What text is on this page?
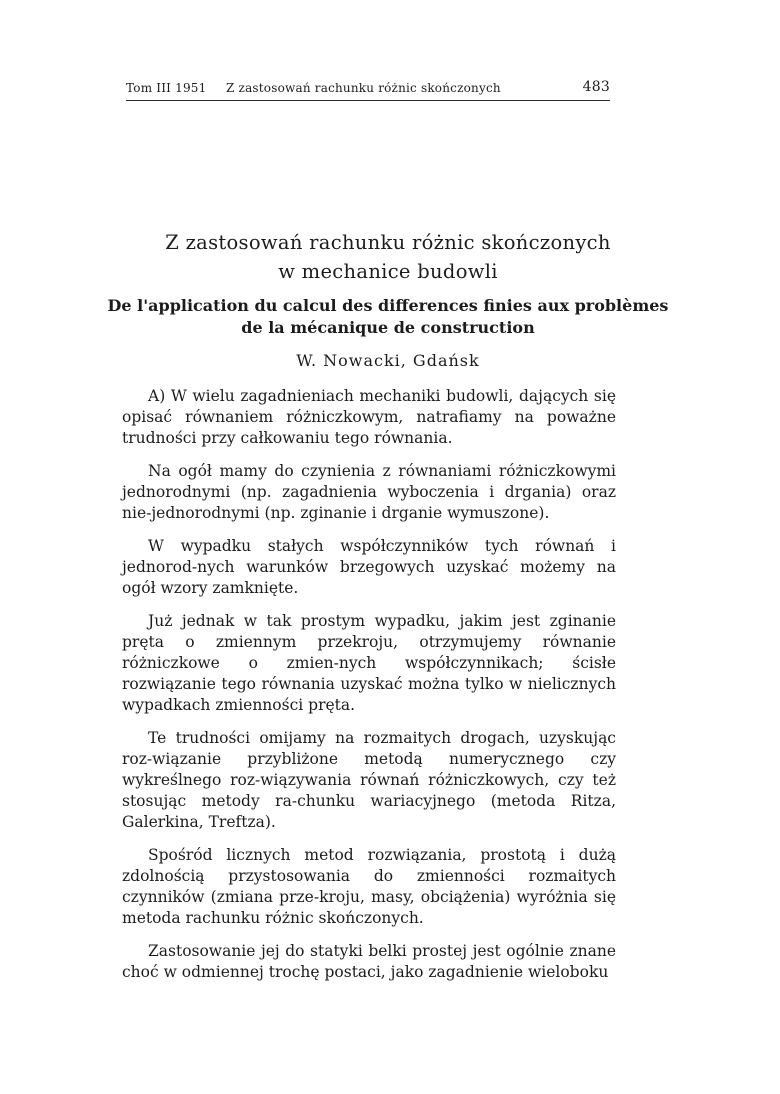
Tom III 1951 Z zastosowań rachunku różnic skończonych	483
Z zastosowań rachunku różnic skończonych
w mechanice budowli
De l'application du calcul des differences finies aux problèmes
de la mécanique de construction
W. Nowacki, Gdańsk

A) W wielu zagadnieniach mechaniki budowli, dających się opisać równaniem różniczkowym, natrafiamy na poważne trudności przy całkowaniu tego równania.

Na ogół mamy do czynienia z równaniami różniczkowymi jednorodnymi (np. zagadnienia wyboczenia i drgania) oraz nie-jednorodnymi (np. zginanie i drganie wymuszone).

W wypadku stałych współczynników tych równań i jednorod-nych warunków brzegowych uzyskać możemy na ogół wzory zamknięte.

Już jednak w tak prostym wypadku, jakim jest zginanie pręta o zmiennym przekroju, otrzymujemy równanie różniczkowe o zmien-nych współczynnikach; ścisłe rozwiązanie tego równania uzyskać można tylko w nielicznych wypadkach zmienności pręta.

Te trudności omijamy na rozmaitych drogach, uzyskując roz-wiązanie przybliżone metodą numerycznego czy wykreślnego roz-wiązywania równań różniczkowych, czy też stosując metody ra-chunku wariacyjnego (metoda Ritza, Galerkina, Treftza).

Spośród licznych metod rozwiązania, prostotą i dużą zdolnością przystosowania do zmienności rozmaitych czynników (zmiana prze-kroju, masy, obciążenia) wyróżnia się metoda rachunku różnic skończonych.

Zastosowanie jej do statyki belki prostej jest ogólnie znane choć w odmiennej trochę postaci, jako zagadnienie wieloboku
